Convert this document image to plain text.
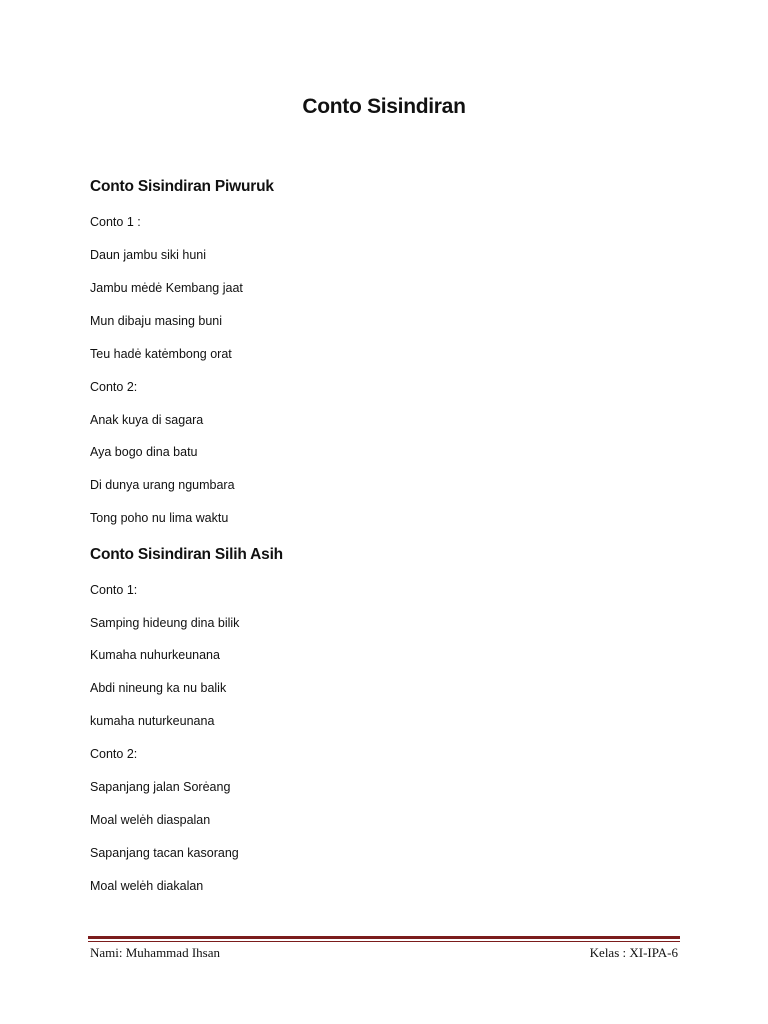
Conto Sisindiran
Conto Sisindiran Piwuruk

Conto 1 :

Daun jambu siki huni

Jambu mėdė Kembang jaat

Mun dibaju masing buni

Teu hadė katėmbong orat

Conto 2:

Anak kuya di sagara

Aya bogo dina batu

Di dunya urang ngumbara

Tong poho nu lima waktu

Conto Sisindiran Silih Asih

Conto 1:

Samping hideung dina bilik

Kumaha nuhurkeunana

Abdi nineung ka nu balik

kumaha nuturkeunana

Conto 2:

Sapanjang jalan Sorėang

Moal welėh diaspalan

Sapanjang tacan kasorang

Moal welėh diakalan

Nami: Muhammad Ihsan	Kelas : XI-IPA-6
